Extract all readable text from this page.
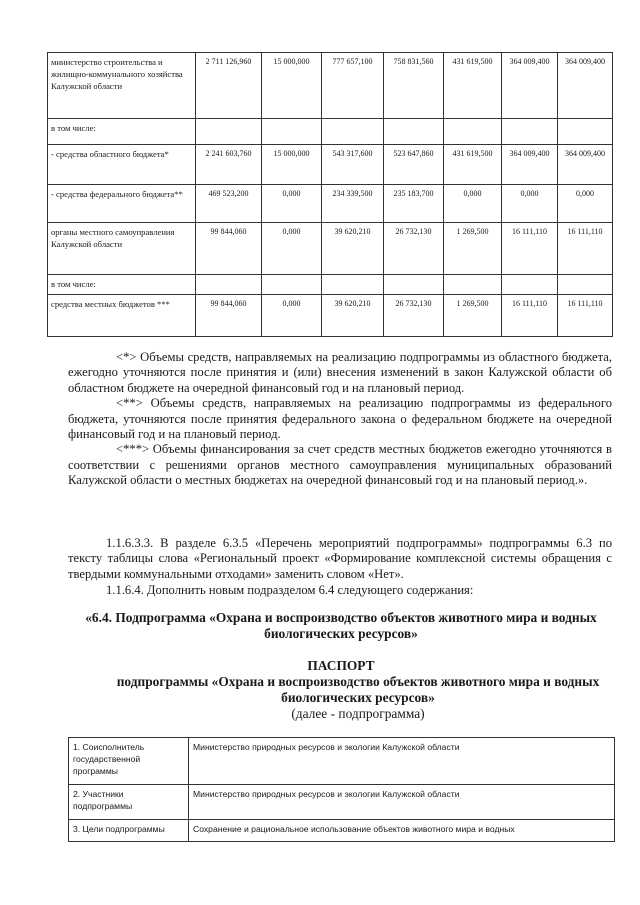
министерство строительства и жилищно-коммунального хозяйства Калужской области	2 711 126,960	15 000,000	777 657,100	758 831,560	431 619,500	364 009,400	364 009,400
в том числе:							
- средства областного бюджета*	2 241 603,760	15 000,000	543 317,600	523 647,860	431 619,500	364 009,400	364 009,400
- средства федерального бюджета**	469 523,200	0,000	234 339,500	235 183,700	0,000	0,000	0,000
органы местного самоуправления Калужской области	99 844,060	0,000	39 620,210	26 732,130	1 269,500	16 111,110	16 111,110
в том числе:							
средства местных бюджетов ***	99 844,060	0,000	39 620,210	26 732,130	1 269,500	16 111,110	16 111,110

<*> Объемы средств, направляемых на реализацию подпрограммы из областного бюджета, ежегодно уточняются после принятия и (или) внесения изменений в закон Калужской области об областном бюджете на очередной финансовый год и на плановый период.

<**> Объемы средств, направляемых на реализацию подпрограммы из федерального бюджета, уточняются после принятия федерального закона о федеральном бюджете на очередной финансовый год и на плановый период.

<***> Объемы финансирования за счет средств местных бюджетов ежегодно уточняются в соответствии с решениями органов местного самоуправления муниципальных образований Калужской области о местных бюджетах на очередной финансовый год и на плановый период.».

1.1.6.3.3. В разделе 6.3.5 «Перечень мероприятий подпрограммы» подпрограммы 6.3 по тексту таблицы слова «Региональный проект «Формирование комплексной системы обращения с твердыми коммунальными отходами» заменить словом «Нет».
1.1.6.4. Дополнить новым подразделом 6.4 следующего содержания:
«6.4. Подпрограмма «Охрана и воспроизводство объектов животного мира и водных биологических ресурсов»
ПАСПОРТ
подпрограммы «Охрана и воспроизводство объектов животного мира и водных биологических ресурсов»
(далее - подпрограмма)
1. Соисполнитель государственной программы	Министерство природных ресурсов и экологии Калужской области
2. Участники подпрограммы	Министерство природных ресурсов и экологии Калужской области
3. Цели подпрограммы	Сохранение и рациональное использование объектов животного мира и водных
